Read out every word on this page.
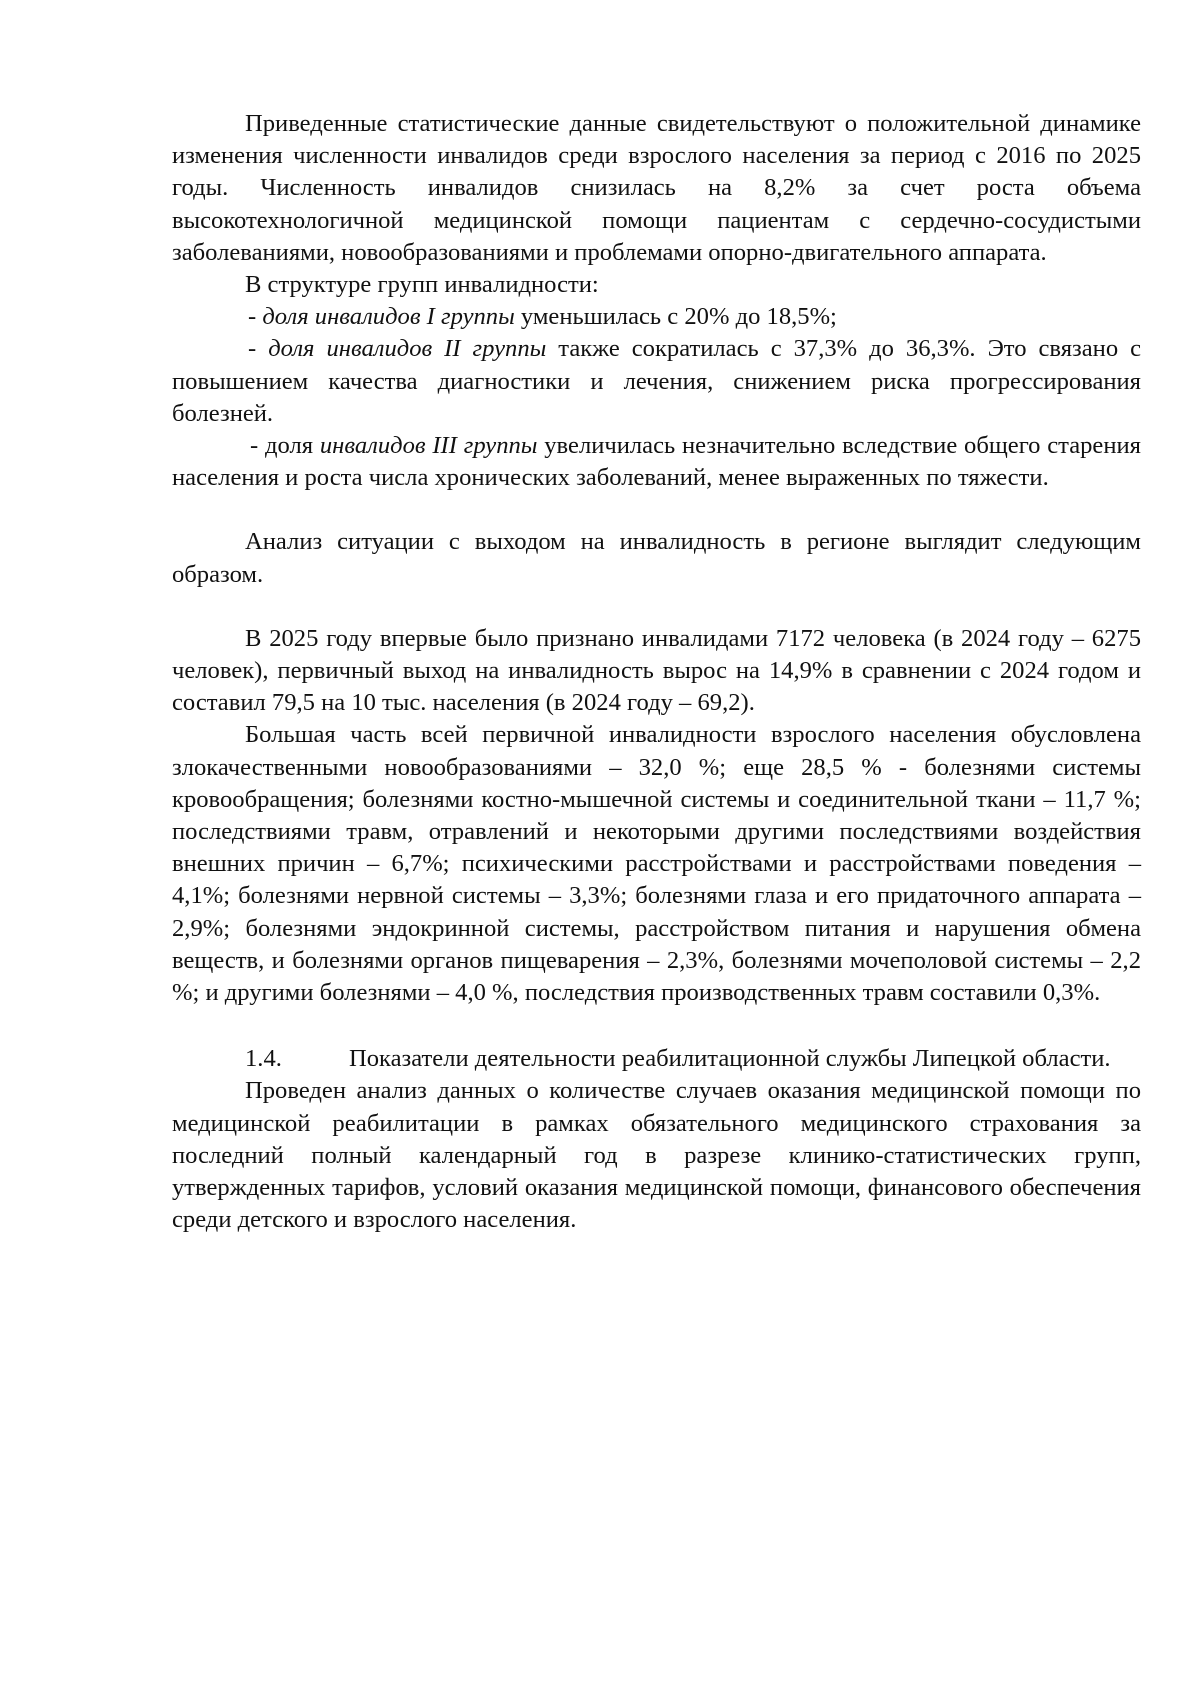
Приведенные статистические данные свидетельствуют о положительной динамике изменения численности инвалидов среди взрослого населения за период с 2016 по 2025 годы. Численность инвалидов снизилась на 8,2% за счет роста объема высокотехнологичной медицинской помощи пациентам с сердечно-сосудистыми заболеваниями, новообразованиями и проблемами опорно-двигательного аппарата.

В структуре групп инвалидности:

- доля инвалидов I группы уменьшилась с 20% до 18,5%;

- доля инвалидов II группы также сократилась с 37,3% до 36,3%. Это связано с повышением качества диагностики и лечения, снижением риска прогрессирования болезней.

- доля инвалидов III группы увеличилась незначительно вследствие общего старения населения и роста числа хронических заболеваний, менее выраженных по тяжести.

Анализ ситуации с выходом на инвалидность в регионе выглядит следующим образом.

В 2025 году впервые было признано инвалидами 7172 человека (в 2024 году – 6275 человек), первичный выход на инвалидность вырос на 14,9% в сравнении с 2024 годом и составил 79,5 на 10 тыс. населения (в 2024 году – 69,2).

Большая часть всей первичной инвалидности взрослого населения обусловлена злокачественными новообразованиями – 32,0 %; еще 28,5 % - болезнями системы кровообращения; болезнями костно-мышечной системы и соединительной ткани – 11,7 %; последствиями травм, отравлений и некоторыми другими последствиями воздействия внешних причин – 6,7%; психическими расстройствами и расстройствами поведения – 4,1%; болезнями нервной системы – 3,3%; болезнями глаза и его придаточного аппарата – 2,9%; болезнями эндокринной системы, расстройством питания и нарушения обмена веществ, и болезнями органов пищеварения – 2,3%, болезнями мочеполовой системы – 2,2 %; и другими болезнями – 4,0 %, последствия производственных травм составили 0,3%.

1.4.	Показатели деятельности реабилитационной службы Липецкой области.

Проведен анализ данных о количестве случаев оказания медицинской помощи по медицинской реабилитации в рамках обязательного медицинского страхования за последний полный календарный год в разрезе клинико-статистических групп, утвержденных тарифов, условий оказания медицинской помощи, финансового обеспечения среди детского и взрослого населения.
